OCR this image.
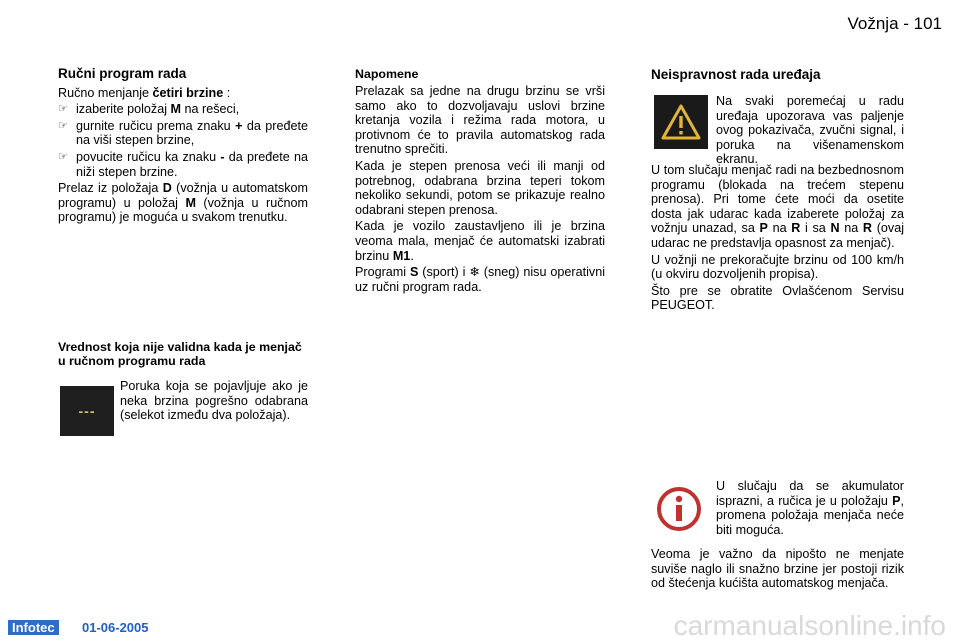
Vožnja - 101
Ručni program rada

Ručno menjanje četiri brzine :

☞ izaberite položaj M na rešeci,
☞ gurnite ručicu prema znaku + da pređete na viši stepen brzine,
☞ povucite ručicu ka znaku - da pređete na niži stepen brzine.

Prelaz iz položaja D (vožnja u automatskom programu) u položaj M (vožnja u ručnom programu) je moguća u svakom trenutku.

Vrednost koja nije validna kada je menjač u ručnom programu rada
---
Poruka koja se pojavljuje ako je neka brzina pogrešno odabrana (selekot između dva položaja).
Napomene

Prelazak sa jedne na drugu brzinu se vrši samo ako to dozvoljavaju uslovi brzine kretanja vozila i režima rada motora, u protivnom će to pravila automatskog rada trenutno sprečiti.

Kada je stepen prenosa veći ili manji od potrebnog, odabrana brzina teperi tokom nekoliko sekundi, potom se prikazuje realno odabrani stepen prenosa.

Kada je vozilo zaustavljeno ili je brzina veoma mala, menjač će automatski izabrati brzinu M1.

Programi S (sport) i ❄ (sneg) nisu operativni uz ručni program rada.

Neispravnost rada uređaja
Na svaki poremećaj u radu uređaja upozorava vas paljenje ovog pokazivača, zvučni signal, i poruka na višenamenskom ekranu.

U tom slučaju menjač radi na bezbednosnom programu (blokada na trećem stepenu prenosa). Pri tome ćete moći da osetite dosta jak udarac kada izaberete položaj za vožnju unazad, sa P na R i sa N na R (ovaj udarac ne predstavlja opasnost za menjač).

U vožnji ne prekoračujte brzinu od 100 km/h (u okviru dozvoljenih propisa).

Što pre se obratite Ovlašćenom Servisu PEUGEOT.

U slučaju da se akumulator isprazni, a ručica je u položaju P, promena položaja menjača neće biti moguća.
Veoma je važno da nipošto ne menjate suviše naglo ili snažno brzine jer postoji rizik od štećenja kućišta automatskog menjača.
Infotec	01-06-2005	carmanualsonline.info
